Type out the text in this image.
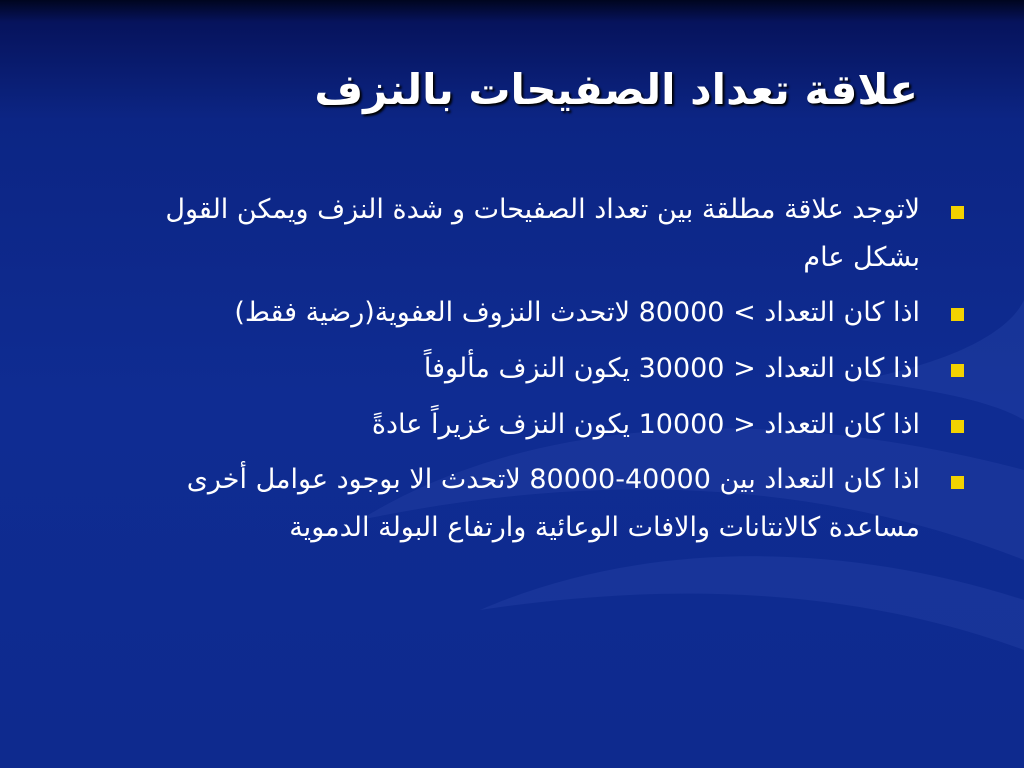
علاقة تعداد الصفيحات بالنزف
لاتوجد علاقة مطلقة بين تعداد الصفيحات و شدة النزف ويمكن القول بشكل عام
اذا كان التعداد > 80000 لاتحدث النزوف العفوية(رضية فقط)
اذا كان التعداد < 30000 يكون النزف مألوفاً
اذا كان التعداد < 10000 يكون النزف غزيراً عادةً
اذا كان التعداد بين 40000-80000 لاتحدث الا بوجود عوامل أخرى مساعدة كالانتانات والافات الوعائية وارتفاع البولة الدموية
